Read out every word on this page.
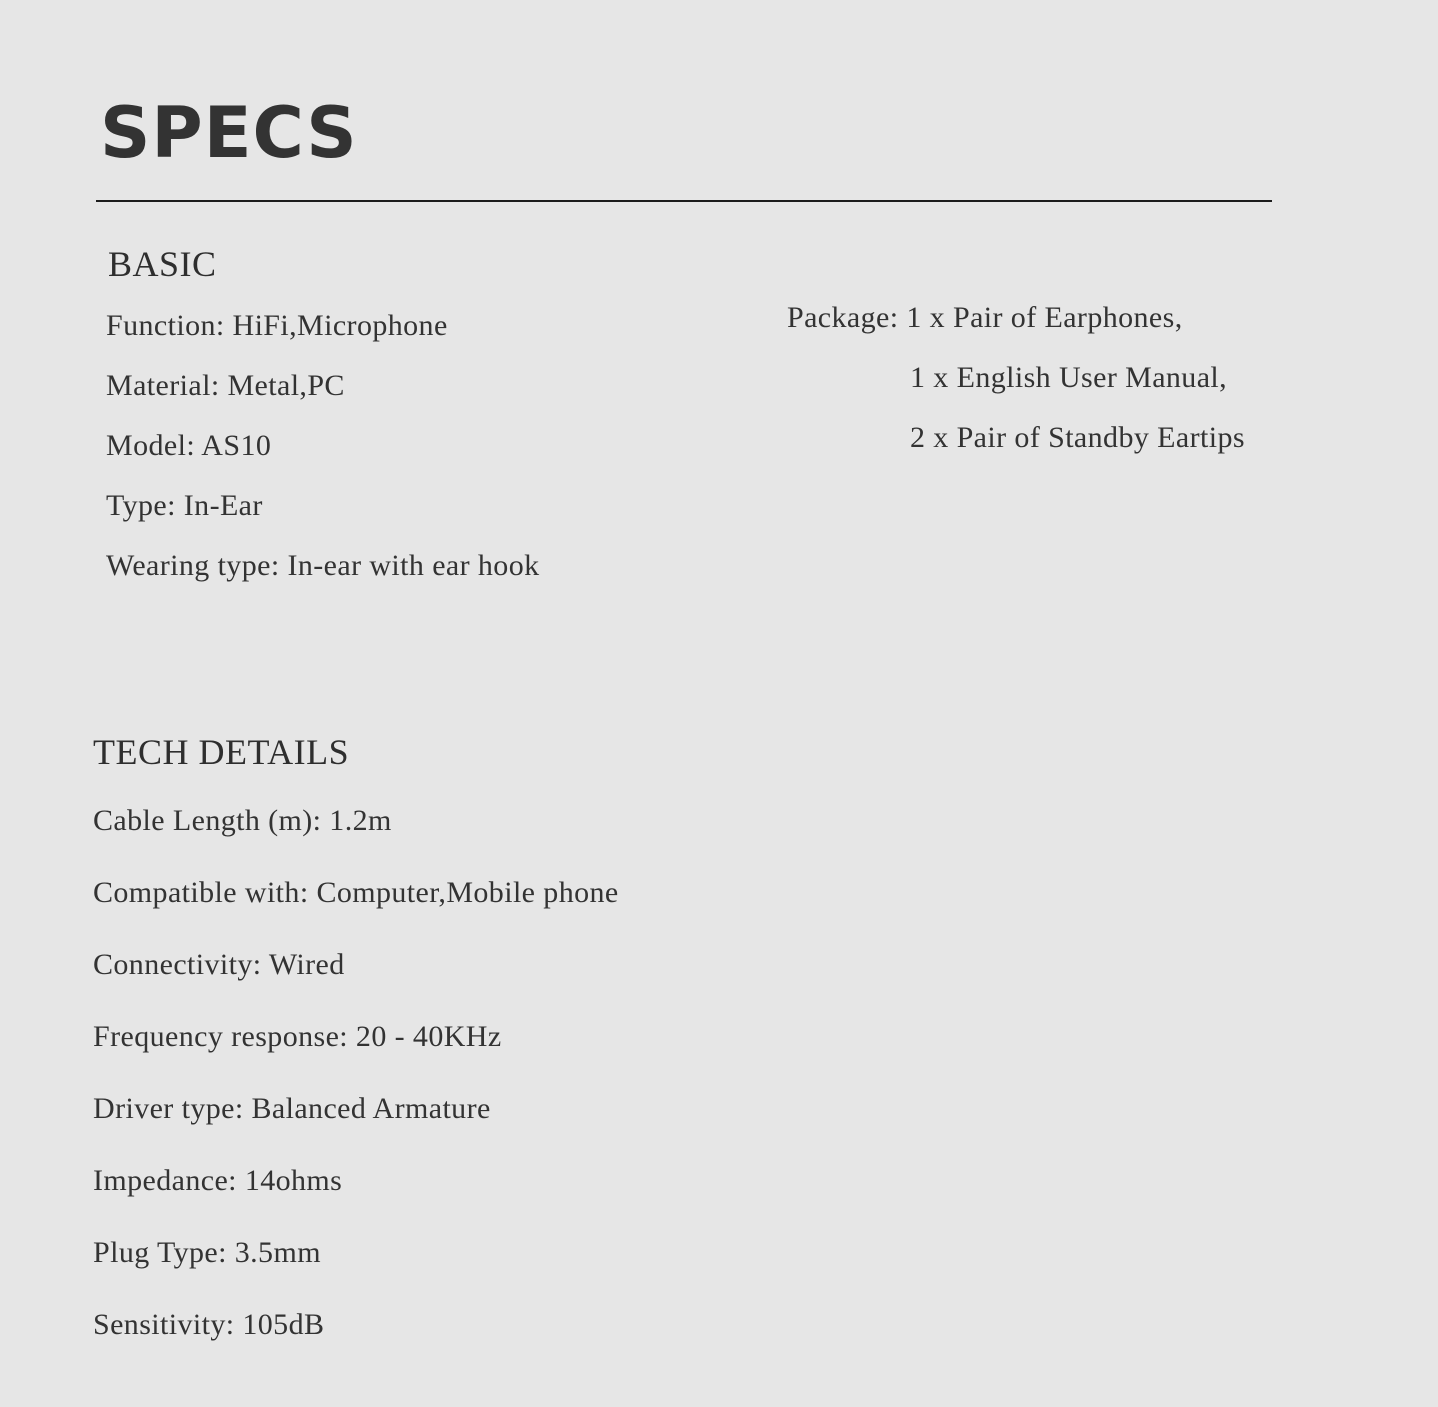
SPECS
BASIC

Function: HiFi,Microphone

Material: Metal,PC

Model: AS10

Type: In-Ear

Wearing type: In-ear with ear hook

Package: 1 x Pair of Earphones,

1 x English User Manual,

2 x Pair of Standby Eartips

TECH DETAILS

Cable Length (m): 1.2m

Compatible with: Computer,Mobile phone

Connectivity: Wired

Frequency response: 20 - 40KHz

Driver type: Balanced Armature

Impedance: 14ohms

Plug Type: 3.5mm

Sensitivity: 105dB
